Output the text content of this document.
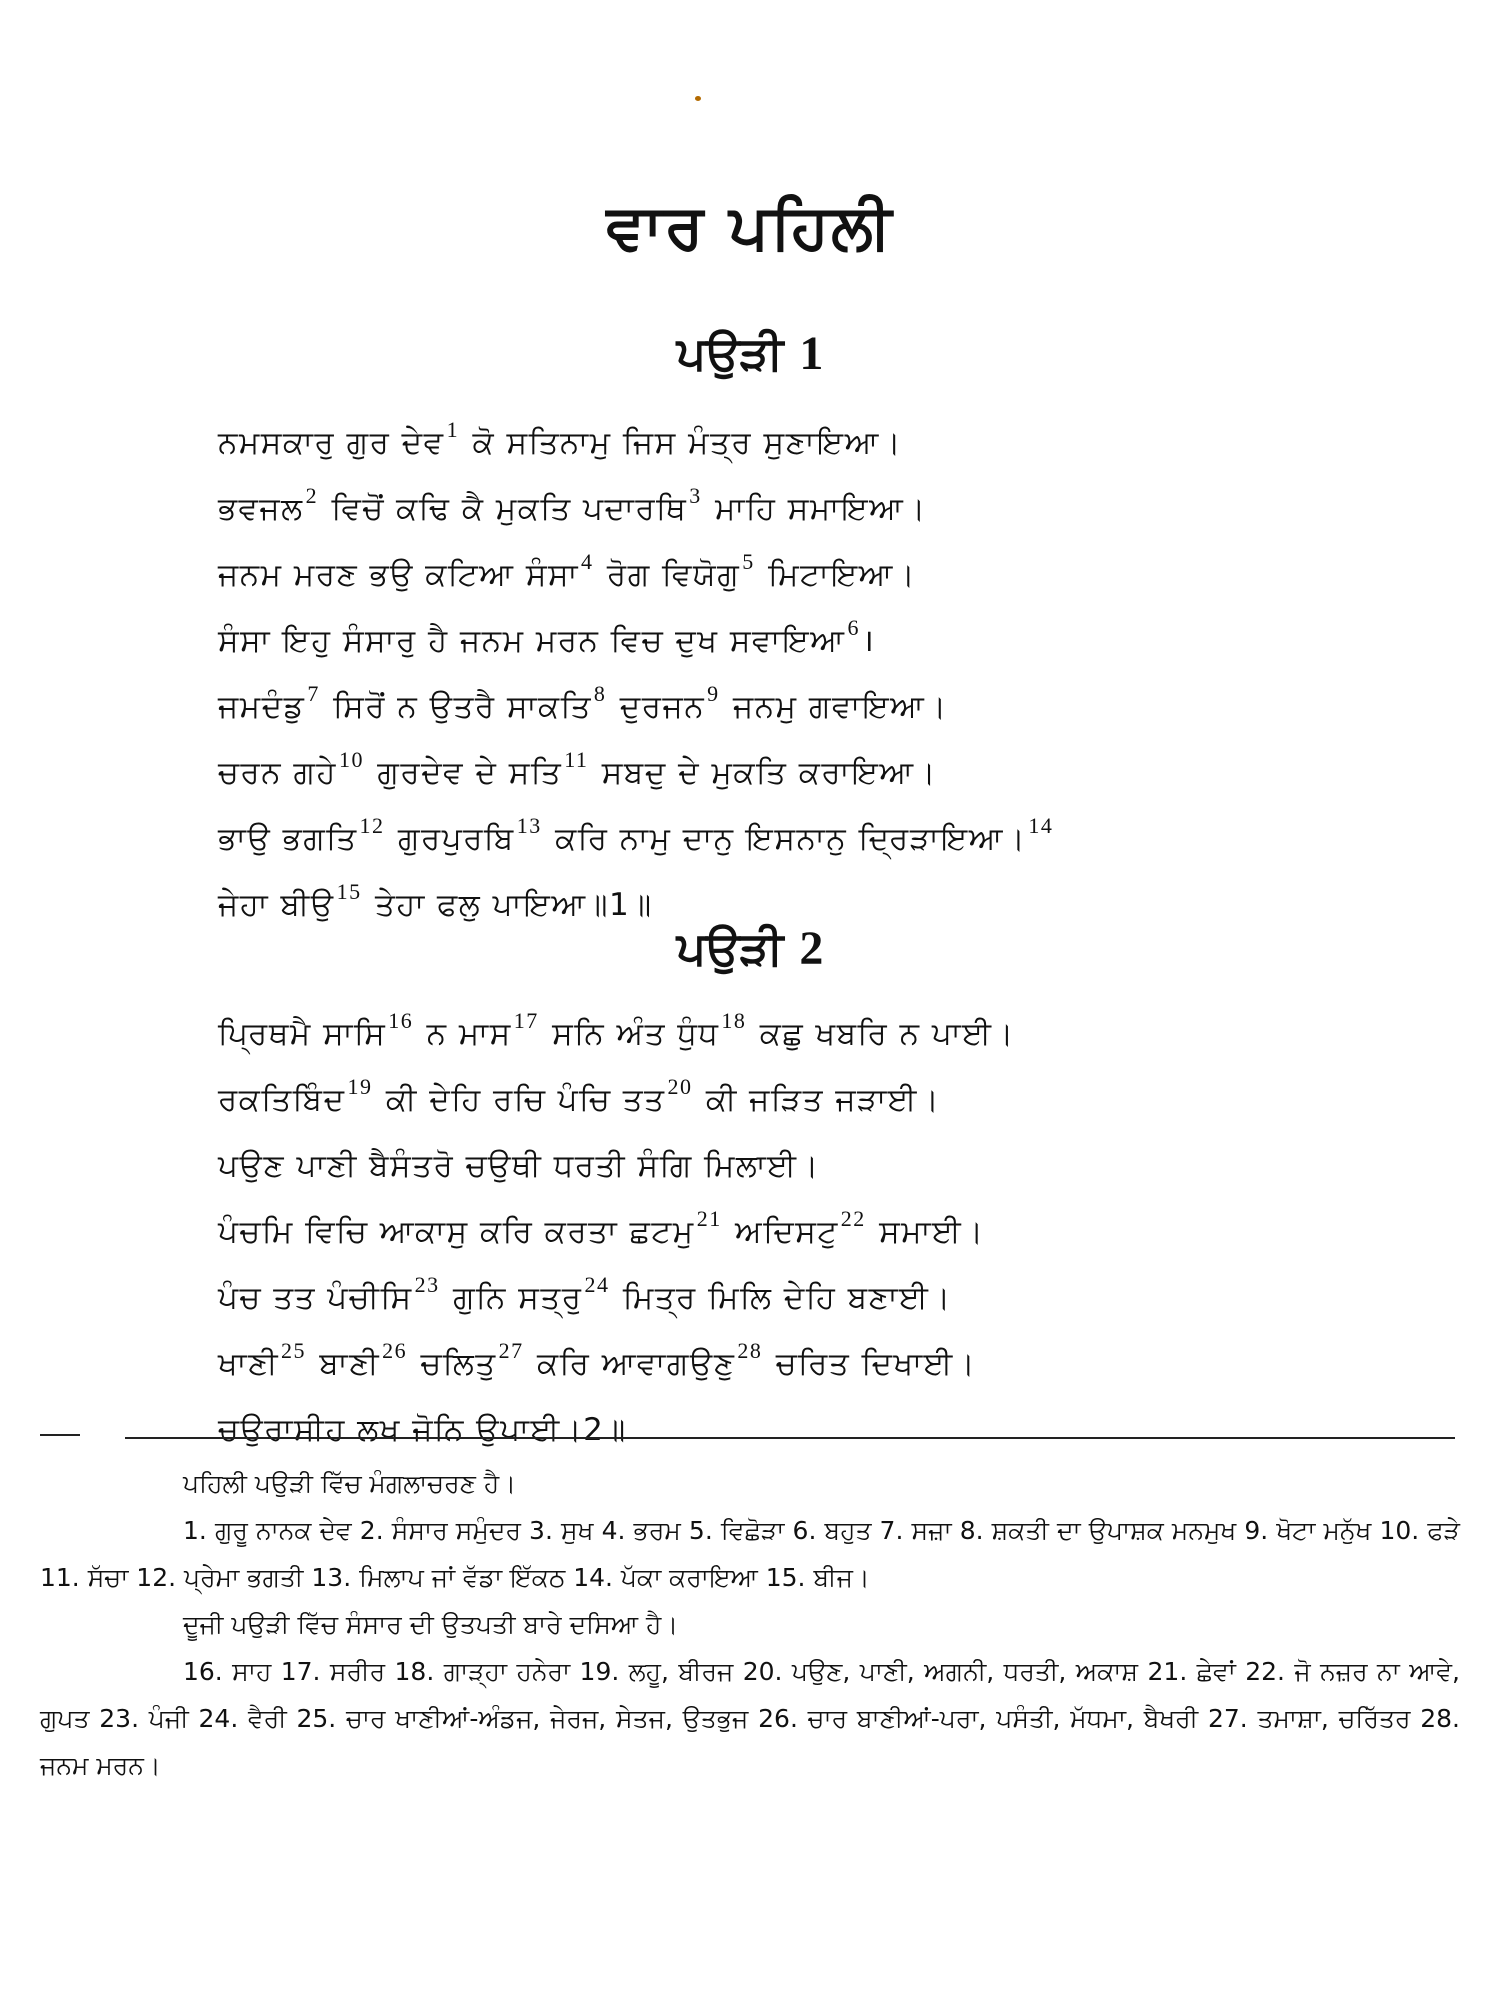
ਵਾਰ ਪਹਿਲੀ
ਪਉੜੀ 1
ਨਮਸਕਾਰੁ ਗੁਰ ਦੇਵ$^1$ ਕੋ ਸਤਿਨਾਮੁ ਜਿਸ ਮੰਤ੍ਰ ਸੁਣਾਇਆ।
ਭਵਜਲ$^2$ ਵਿਚੋਂ ਕਢਿ ਕੈ ਮੁਕਤਿ ਪਦਾਰਥਿ$^3$ ਮਾਹਿ ਸਮਾਇਆ।
ਜਨਮ ਮਰਣ ਭਉ ਕਟਿਆ ਸੰਸਾ$^4$ ਰੋਗ ਵਿਯੋਗੁ$^5$ ਮਿਟਾਇਆ।
ਸੰਸਾ ਇਹੁ ਸੰਸਾਰੁ ਹੈ ਜਨਮ ਮਰਨ ਵਿਚ ਦੁਖ ਸਵਾਇਆ$^6$।
ਜਮਦੰਡੁ$^7$ ਸਿਰੋਂ ਨ ਉਤਰੈ ਸਾਕਤਿ$^8$ ਦੁਰਜਨ$^9$ ਜਨਮੁ ਗਵਾਇਆ।
ਚਰਨ ਗਹੇ$^{10}$ ਗੁਰਦੇਵ ਦੇ ਸਤਿ$^{11}$ ਸਬਦੁ ਦੇ ਮੁਕਤਿ ਕਰਾਇਆ।
ਭਾਉ ਭਗਤਿ$^{12}$ ਗੁਰਪੁਰਬਿ$^{13}$ ਕਰਿ ਨਾਮੁ ਦਾਨੁ ਇਸਨਾਨੁ ਦ੍ਰਿੜਾਇਆ।$^{14}$
ਜੇਹਾ ਬੀਉ$^{15}$ ਤੇਹਾ ਫਲੁ ਪਾਇਆ॥1॥
ਪਉੜੀ 2
ਪ੍ਰਿਥਮੈ ਸਾਸਿ$^{16}$ ਨ ਮਾਸ$^{17}$ ਸਨਿ ਅੰਤ ਧੁੰਧ$^{18}$ ਕਛੁ ਖਬਰਿ ਨ ਪਾਈ।
ਰਕਤਿਬਿੰਦ$^{19}$ ਕੀ ਦੇਹਿ ਰਚਿ ਪੰਚਿ ਤਤ$^{20}$ ਕੀ ਜੜਿਤ ਜੜਾਈ।
ਪਉਣ ਪਾਣੀ ਬੈਸੰਤਰੋ ਚਉਥੀ ਧਰਤੀ ਸੰਗਿ ਮਿਲਾਈ।
ਪੰਚਮਿ ਵਿਚਿ ਆਕਾਸੁ ਕਰਿ ਕਰਤਾ ਛਟਮੁ$^{21}$ ਅਦਿਸਟੁ$^{22}$ ਸਮਾਈ।
ਪੰਚ ਤਤ ਪੰਚੀਸਿ$^{23}$ ਗੁਨਿ ਸਤ੍ਰੁ$^{24}$ ਮਿਤ੍ਰ ਮਿਲਿ ਦੇਹਿ ਬਣਾਈ।
ਖਾਣੀ$^{25}$ ਬਾਣੀ$^{26}$ ਚਲਿਤੁ$^{27}$ ਕਰਿ ਆਵਾਗਉਣੁ$^{28}$ ਚਰਿਤ ਦਿਖਾਈ।
ਚਉਰਾਸੀਹ ਲਖ ਜੋਨਿ ਉਪਾਈ।2॥
ਪਹਿਲੀ ਪਉੜੀ ਵਿੱਚ ਮੰਗਲਾਚਰਣ ਹੈ।
1. ਗੁਰੂ ਨਾਨਕ ਦੇਵ 2. ਸੰਸਾਰ ਸਮੁੰਦਰ 3. ਸੁਖ 4. ਭਰਮ 5. ਵਿਛੋੜਾ 6. ਬਹੁਤ 7. ਸਜ਼ਾ 8. ਸ਼ਕਤੀ ਦਾ ਉਪਾਸ਼ਕ ਮਨਮੁਖ 9. ਖੋਟਾ ਮਨੁੱਖ 10. ਫੜੇ 11. ਸੱਚਾ 12. ਪ੍ਰੇਮਾ ਭਗਤੀ 13. ਮਿਲਾਪ ਜਾਂ ਵੱਡਾ ਇੱਕਠ 14. ਪੱਕਾ ਕਰਾਇਆ 15. ਬੀਜ।
ਦੂਜੀ ਪਉੜੀ ਵਿੱਚ ਸੰਸਾਰ ਦੀ ਉਤਪਤੀ ਬਾਰੇ ਦਸਿਆ ਹੈ।
16. ਸਾਹ 17. ਸਰੀਰ 18. ਗਾੜ੍ਹਾ ਹਨੇਰਾ 19. ਲਹੂ, ਬੀਰਜ 20. ਪਉਣ, ਪਾਣੀ, ਅਗਨੀ, ਧਰਤੀ, ਅਕਾਸ਼ 21. ਛੇਵਾਂ 22. ਜੋ ਨਜ਼ਰ ਨਾ ਆਵੇ, ਗੁਪਤ 23. ਪੰਜੀ 24. ਵੈਰੀ 25. ਚਾਰ ਖਾਣੀਆਂ-ਅੰਡਜ, ਜੇਰਜ, ਸੇਤਜ, ਉਤਭੁਜ 26. ਚਾਰ ਬਾਣੀਆਂ-ਪਰਾ, ਪਸੰਤੀ, ਮੱਧਮਾ, ਬੈਖਰੀ 27. ਤਮਾਸ਼ਾ, ਚਰਿੱਤਰ 28. ਜਨਮ ਮਰਨ।
